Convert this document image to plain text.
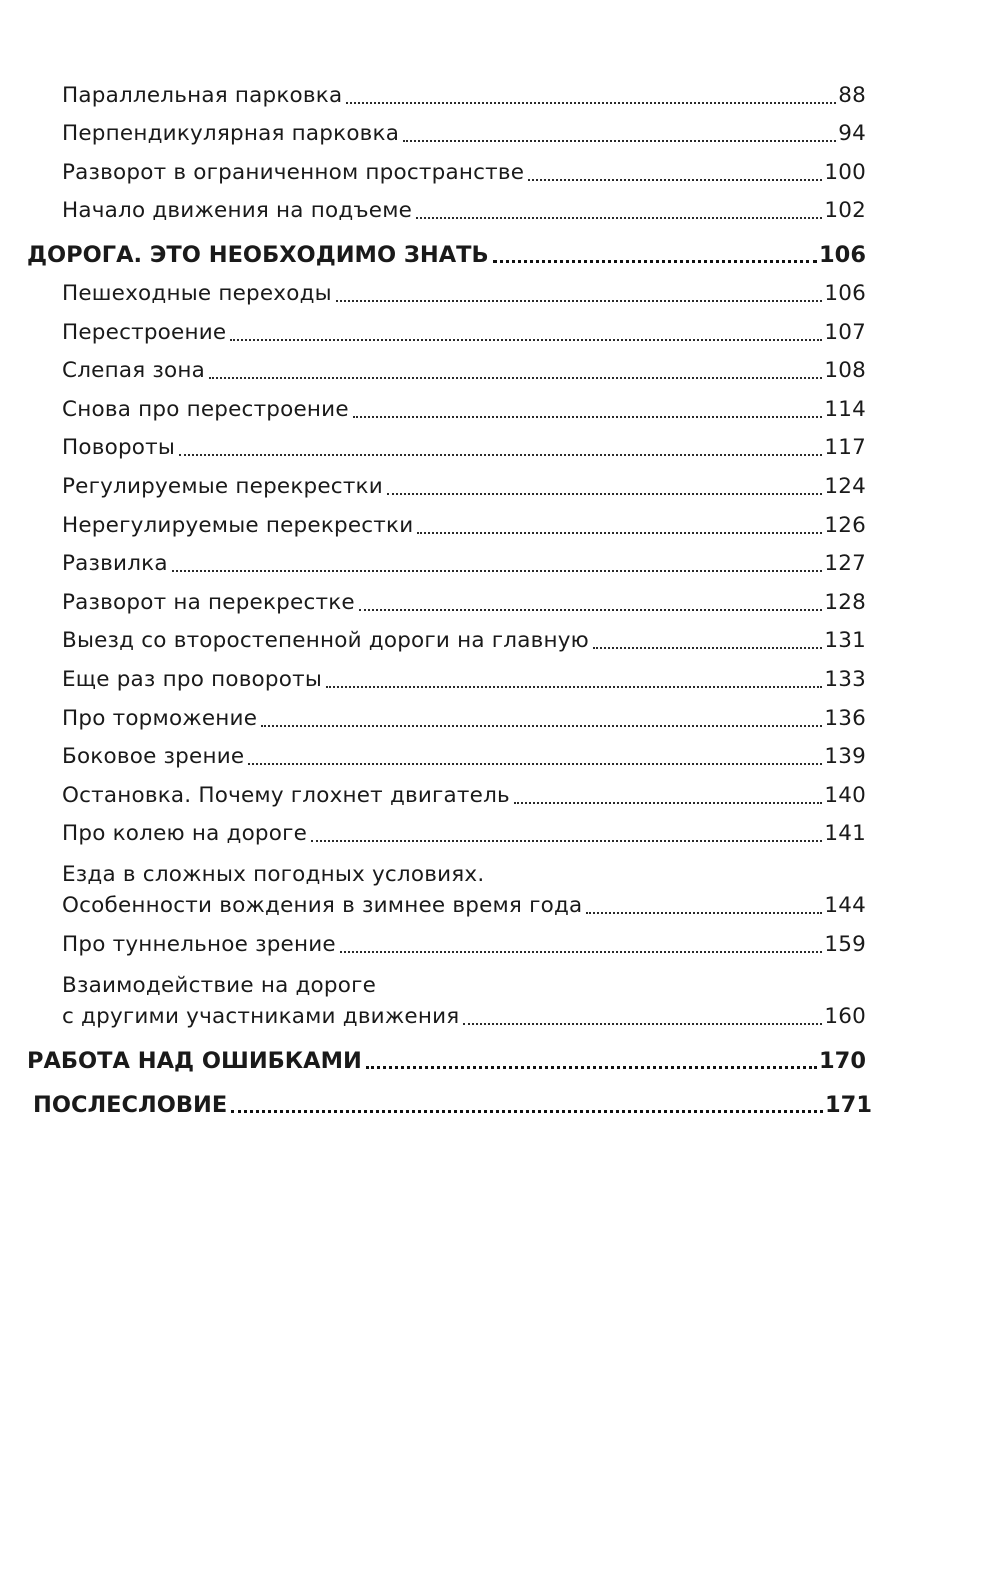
Параллельная парковка	88
Перпендикулярная парковка	94
Разворот в ограниченном пространстве	100
Начало движения на подъеме	102
ДОРОГА. ЭТО НЕОБХОДИМО ЗНАТЬ	106
Пешеходные переходы	106
Перестроение	107
Слепая зона	108
Снова про перестроение	114
Повороты	117
Регулируемые перекрестки	124
Нерегулируемые перекрестки	126
Развилка	127
Разворот на перекрестке	128
Выезд со второстепенной дороги на главную	131
Еще раз про повороты	133
Про торможение	136
Боковое зрение	139
Остановка. Почему глохнет двигатель	140
Про колею на дороге	141
Езда в сложных погодных условиях.
Особенности вождения в зимнее время года	144
Про туннельное зрение	159
Взаимодействие на дороге
с другими участниками движения	160
РАБОТА НАД ОШИБКАМИ	170
ПОСЛЕСЛОВИЕ	171
